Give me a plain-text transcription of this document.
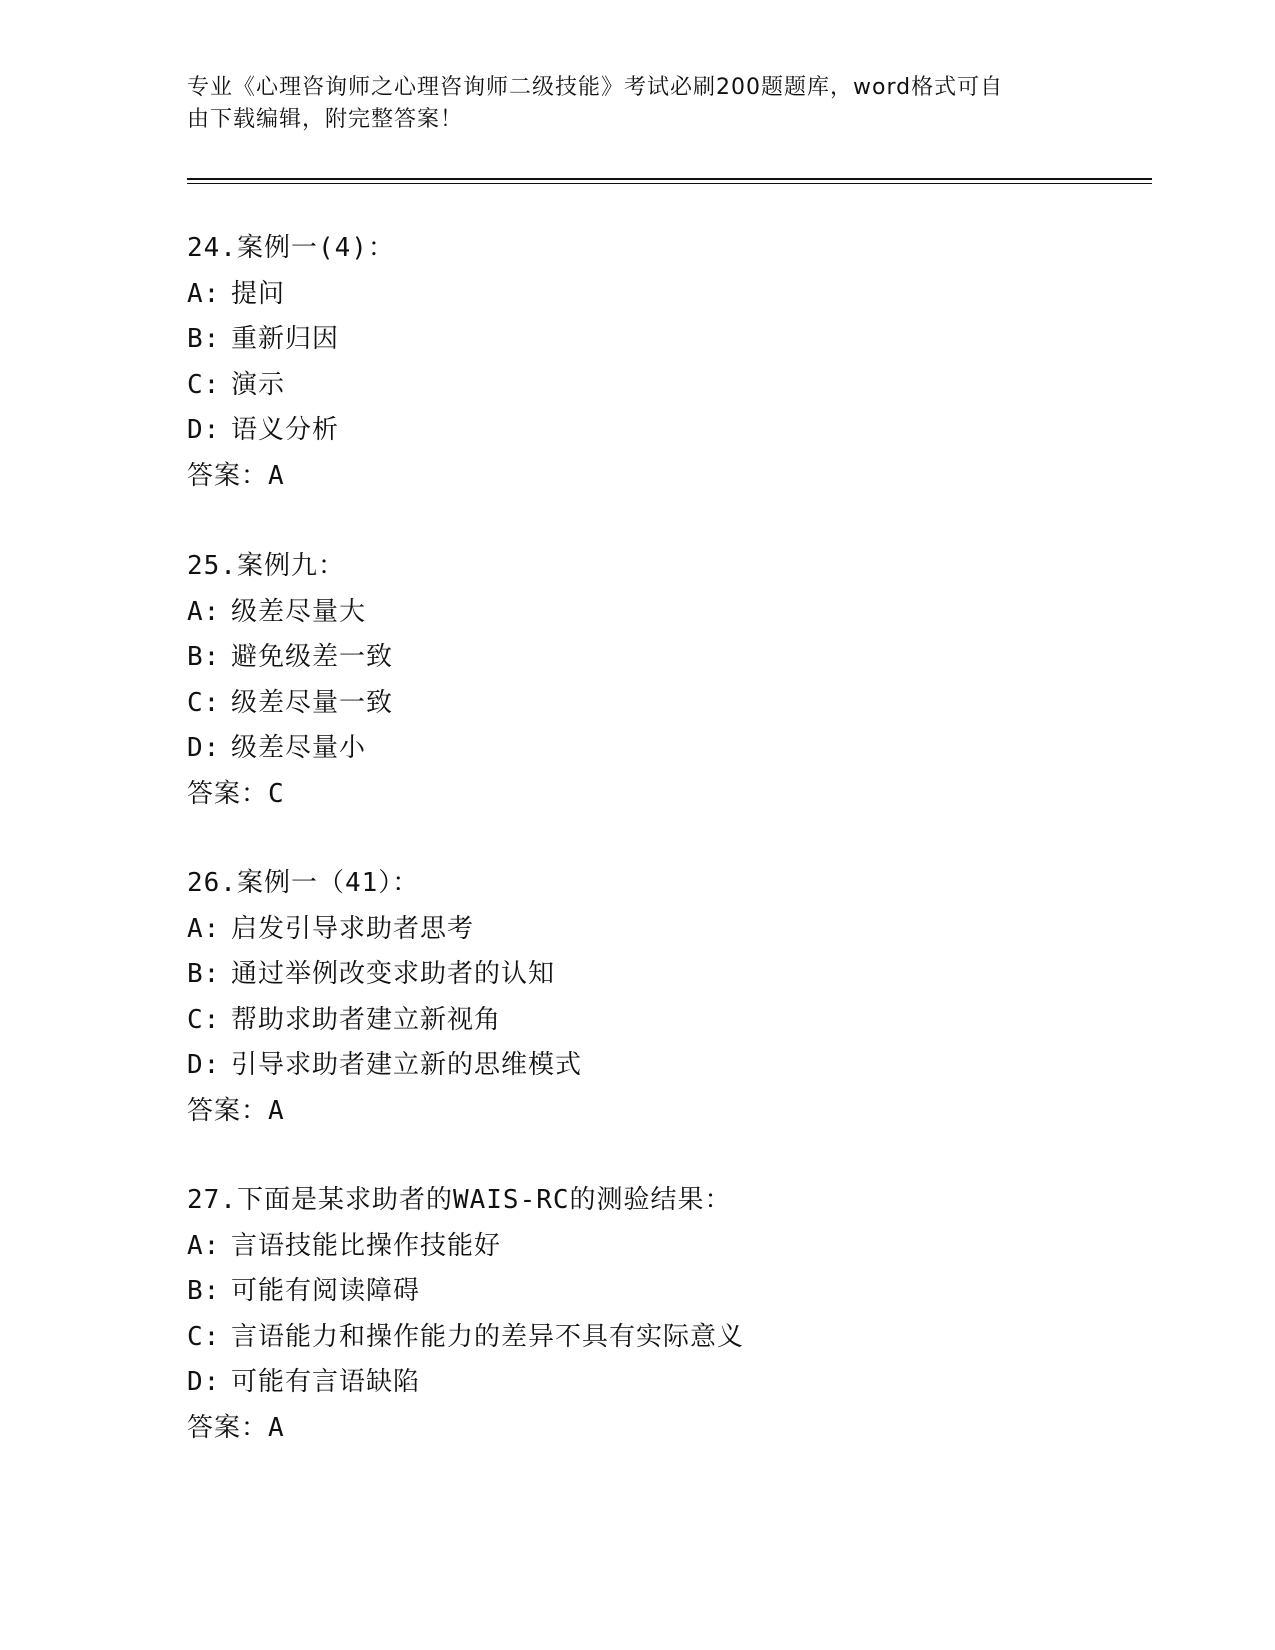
专业《心理咨询师之心理咨询师二级技能》考试必刷200题题库，word格式可自
由下载编辑，附完整答案！
24.案例一(4)：
A: 提问
B: 重新归因
C: 演示
D: 语义分析
答案：A
25.案例九：
A: 级差尽量大
B: 避免级差一致
C: 级差尽量一致
D: 级差尽量小
答案：C
26.案例一（41）：
A: 启发引导求助者思考
B: 通过举例改变求助者的认知
C: 帮助求助者建立新视角
D: 引导求助者建立新的思维模式
答案：A
27.下面是某求助者的WAIS-RC的测验结果：
A: 言语技能比操作技能好
B: 可能有阅读障碍
C: 言语能力和操作能力的差异不具有实际意义
D: 可能有言语缺陷
答案：A
